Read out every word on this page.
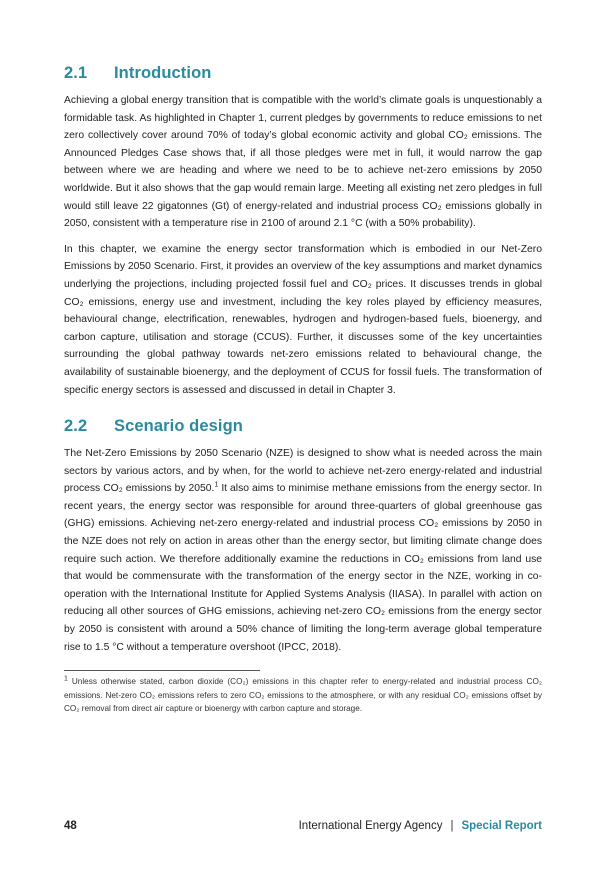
2.1 Introduction

Achieving a global energy transition that is compatible with the world’s climate goals is unquestionably a formidable task. As highlighted in Chapter 1, current pledges by governments to reduce emissions to net zero collectively cover around 70% of today’s global economic activity and global CO₂ emissions. The Announced Pledges Case shows that, if all those pledges were met in full, it would narrow the gap between where we are heading and where we need to be to achieve net-zero emissions by 2050 worldwide. But it also shows that the gap would remain large. Meeting all existing net zero pledges in full would still leave 22 gigatonnes (Gt) of energy-related and industrial process CO₂ emissions globally in 2050, consistent with a temperature rise in 2100 of around 2.1 °C (with a 50% probability).

In this chapter, we examine the energy sector transformation which is embodied in our Net-Zero Emissions by 2050 Scenario. First, it provides an overview of the key assumptions and market dynamics underlying the projections, including projected fossil fuel and CO₂ prices. It discusses trends in global CO₂ emissions, energy use and investment, including the key roles played by efficiency measures, behavioural change, electrification, renewables, hydrogen and hydrogen-based fuels, bioenergy, and carbon capture, utilisation and storage (CCUS). Further, it discusses some of the key uncertainties surrounding the global pathway towards net-zero emissions related to behavioural change, the availability of sustainable bioenergy, and the deployment of CCUS for fossil fuels. The transformation of specific energy sectors is assessed and discussed in detail in Chapter 3.

2.2 Scenario design

The Net-Zero Emissions by 2050 Scenario (NZE) is designed to show what is needed across the main sectors by various actors, and by when, for the world to achieve net-zero energy-related and industrial process CO₂ emissions by 2050.$^1$ It also aims to minimise methane emissions from the energy sector. In recent years, the energy sector was responsible for around three-quarters of global greenhouse gas (GHG) emissions. Achieving net-zero energy-related and industrial process CO₂ emissions by 2050 in the NZE does not rely on action in areas other than the energy sector, but limiting climate change does require such action. We therefore additionally examine the reductions in CO₂ emissions from land use that would be commensurate with the transformation of the energy sector in the NZE, working in co-operation with the International Institute for Applied Systems Analysis (IIASA). In parallel with action on reducing all other sources of GHG emissions, achieving net-zero CO₂ emissions from the energy sector by 2050 is consistent with around a 50% chance of limiting the long-term average global temperature rise to 1.5 °C without a temperature overshoot (IPCC, 2018).

$^1$ Unless otherwise stated, carbon dioxide (CO₂) emissions in this chapter refer to energy-related and industrial process CO₂ emissions. Net-zero CO₂ emissions refers to zero CO₂ emissions to the atmosphere, or with any residual CO₂ emissions offset by CO₂ removal from direct air capture or bioenergy with carbon capture and storage.

48	International Energy Agency | Special Report
